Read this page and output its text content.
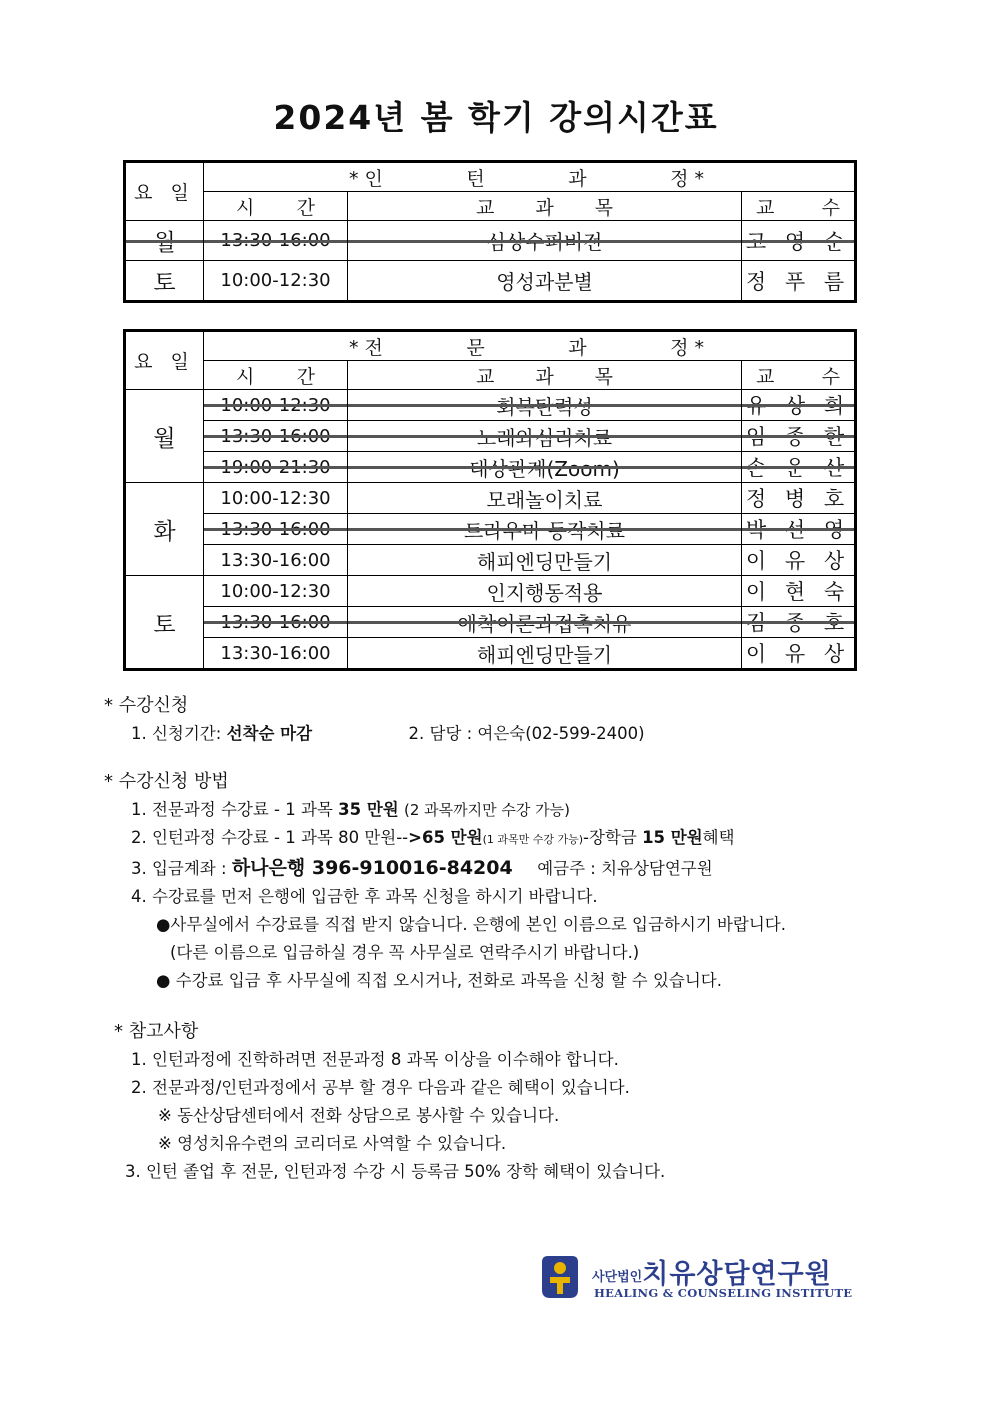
2024년 봄 학기 강의시간표
요 일	* 인 턴 과 정 *		

	시 간	교 과 목	교 수

월	13:30-16:00	심상수퍼비전	고 영 순
토	10:00-12:30	영성과분별	정 푸 름
요 일	* 전 문 과 정 *		

	시 간	교 과 목	교 수

월	10:00-12:30	회복탄력성	유 상 희
	13:30-16:00	노래와심리치료	임 종 한
	19:00-21:30	대상관계(Zoom)	손 운 산
화	10:00-12:30	모래놀이치료	정 병 호
	13:30-16:00	트라우마 동작치료	박 선 영
	13:30-16:00	해피엔딩만들기	이 유 상
토	10:00-12:30	인지행동적용	이 현 숙
	13:30-16:00	애착이론과접촉치유	김 종 호
	13:30-16:00	해피엔딩만들기	이 유 상
* 수강신청
1. 신청기간: 선착순 마감	2. 담당 : 여은숙(02-599-2400)
* 수강신청 방법
1. 전문과정 수강료 - 1 과목 35 만원 (2 과목까지만 수강 가능)
2. 인턴과정 수강료 - 1 과목 80 만원-->65 만원(1 과목만 수강 가능)-장학금 15 만원혜택
3. 입금계좌 : 하나은행 396-910016-84204 예금주 : 치유상담연구원
4. 수강료를 먼저 은행에 입금한 후 과목 신청을 하시기 바랍니다.
●사무실에서 수강료를 직접 받지 않습니다. 은행에 본인 이름으로 입금하시기 바랍니다.
(다른 이름으로 입금하실 경우 꼭 사무실로 연락주시기 바랍니다.)
● 수강료 입금 후 사무실에 직접 오시거나, 전화로 과목을 신청 할 수 있습니다.
* 참고사항
1. 인턴과정에 진학하려면 전문과정 8 과목 이상을 이수해야 합니다.
2. 전문과정/인턴과정에서 공부 할 경우 다음과 같은 혜택이 있습니다.
※ 동산상담센터에서 전화 상담으로 봉사할 수 있습니다.
※ 영성치유수련의 코리더로 사역할 수 있습니다.
3. 인턴 졸업 후 전문, 인턴과정 수강 시 등록금 50% 장학 혜택이 있습니다.
사단법인치유상담연구원
HEALING & COUNSELING INSTITUTE
